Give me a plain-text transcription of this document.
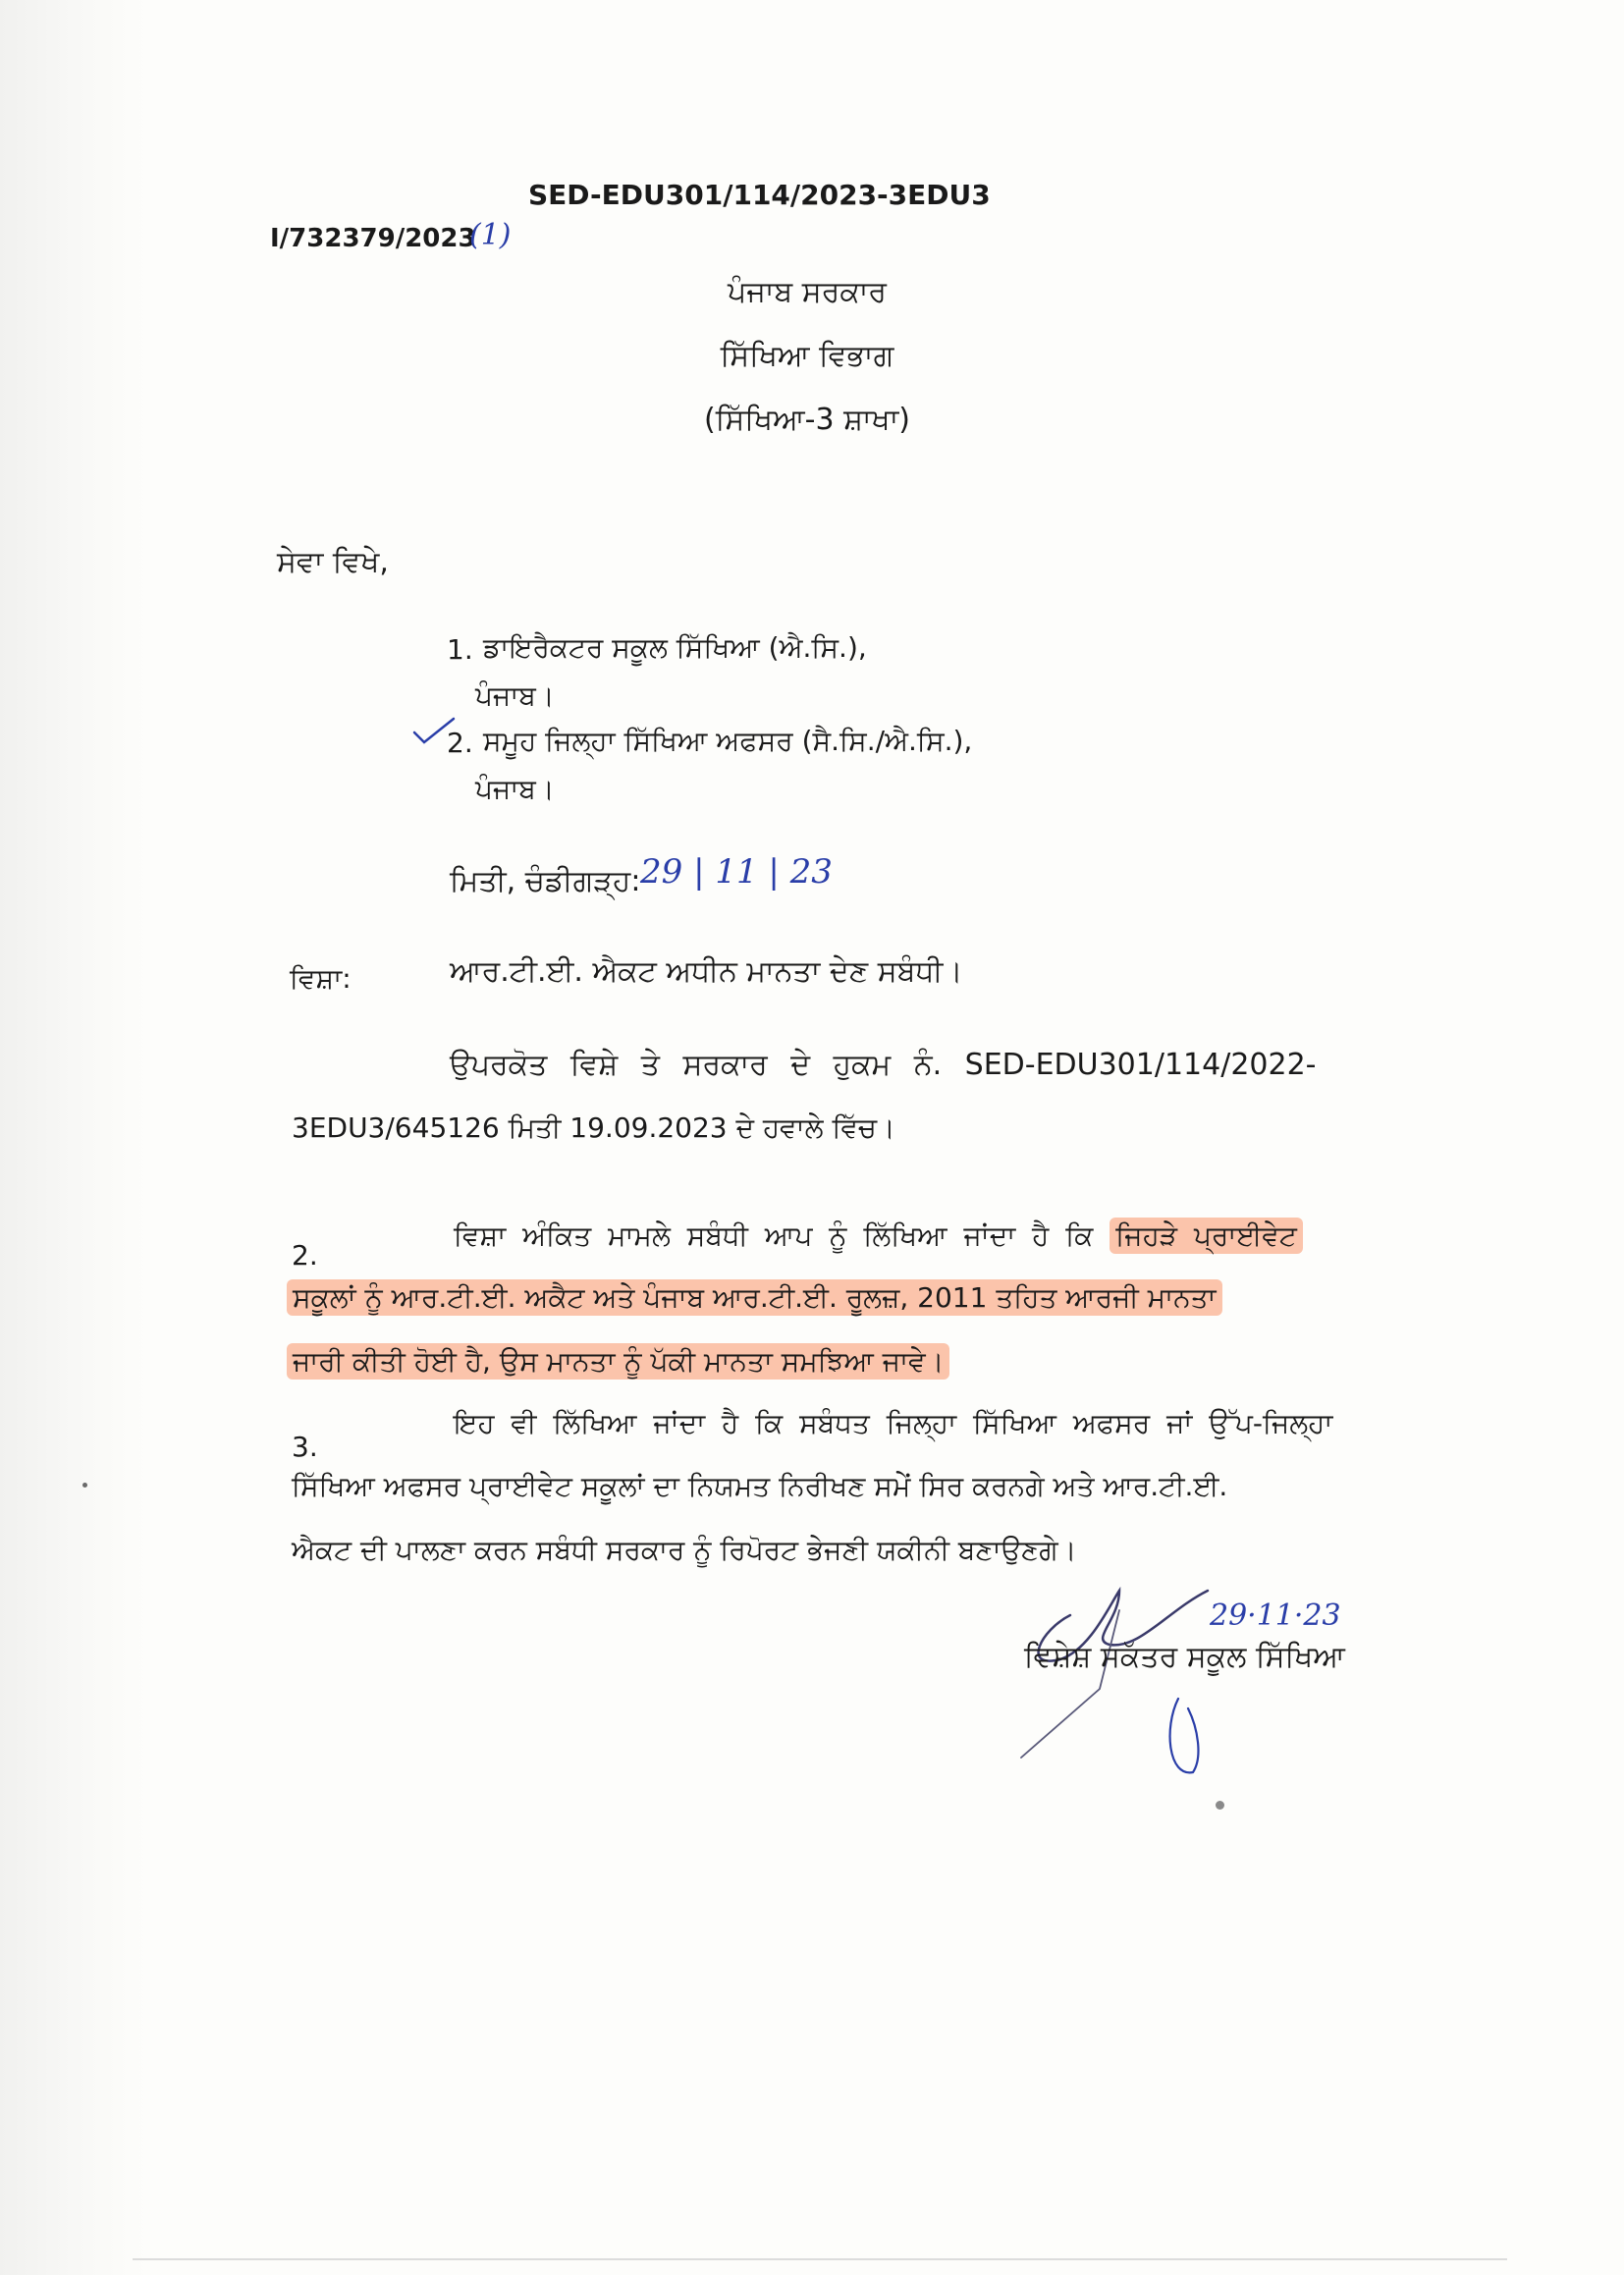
SED-EDU301/114/2023-3EDU3
I/732379/2023
(1)
ਪੰਜਾਬ ਸਰਕਾਰ
ਸਿੱਖਿਆ ਵਿਭਾਗ
(ਸਿੱਖਿਆ-3 ਸ਼ਾਖਾ)
ਸੇਵਾ ਵਿਖੇ,
1. ਡਾਇਰੈਕਟਰ ਸਕੂਲ ਸਿੱਖਿਆ (ਐ.ਸਿ.),
ਪੰਜਾਬ।
2. ਸਮੂਹ ਜਿਲ੍ਹਾ ਸਿੱਖਿਆ ਅਫਸਰ (ਸੈ.ਸਿ./ਐ.ਸਿ.),
ਪੰਜਾਬ।
ਮਿਤੀ, ਚੰਡੀਗੜ੍ਹ: 29 | 11 | 23
ਵਿਸ਼ਾ:	ਆਰ.ਟੀ.ਈ. ਐਕਟ ਅਧੀਨ ਮਾਨਤਾ ਦੇਣ ਸਬੰਧੀ।
ਉਪਰਕੋਤ ਵਿਸ਼ੇ ਤੇ ਸਰਕਾਰ ਦੇ ਹੁਕਮ ਨੰ. SED-EDU301/114/2022-
3EDU3/645126 ਮਿਤੀ 19.09.2023 ਦੇ ਹਵਾਲੇ ਵਿੱਚ।
2.
ਵਿਸ਼ਾ ਅੰਕਿਤ ਮਾਮਲੇ ਸਬੰਧੀ ਆਪ ਨੂੰ ਲਿੱਖਿਆ ਜਾਂਦਾ ਹੈ ਕਿ ਜਿਹੜੇ ਪ੍ਰਾਈਵੇਟ
ਸਕੂਲਾਂ ਨੂੰ ਆਰ.ਟੀ.ਈ. ਅਕੈਟ ਅਤੇ ਪੰਜਾਬ ਆਰ.ਟੀ.ਈ. ਰੂਲਜ਼, 2011 ਤਹਿਤ ਆਰਜੀ ਮਾਨਤਾ
ਜਾਰੀ ਕੀਤੀ ਹੋਈ ਹੈ, ਉਸ ਮਾਨਤਾ ਨੂੰ ਪੱਕੀ ਮਾਨਤਾ ਸਮਝਿਆ ਜਾਵੇ।
3.
ਇਹ ਵੀ ਲਿੱਖਿਆ ਜਾਂਦਾ ਹੈ ਕਿ ਸਬੰਧਤ ਜਿਲ੍ਹਾ ਸਿੱਖਿਆ ਅਫਸਰ ਜਾਂ ਉੱਪ-ਜਿਲ੍ਹਾ
ਸਿੱਖਿਆ ਅਫਸਰ ਪ੍ਰਾਈਵੇਟ ਸਕੂਲਾਂ ਦਾ ਨਿਯਮਤ ਨਿਰੀਖਣ ਸਮੇਂ ਸਿਰ ਕਰਨਗੇ ਅਤੇ ਆਰ.ਟੀ.ਈ.
ਐਕਟ ਦੀ ਪਾਲਣਾ ਕਰਨ ਸਬੰਧੀ ਸਰਕਾਰ ਨੂੰ ਰਿਪੋਰਟ ਭੇਜਣੀ ਯਕੀਨੀ ਬਣਾਉਣਗੇ।
29·11·23
ਵਿਸ਼ੇਸ਼ ਸਕੱਤਰ ਸਕੂਲ ਸਿੱਖਿਆ
